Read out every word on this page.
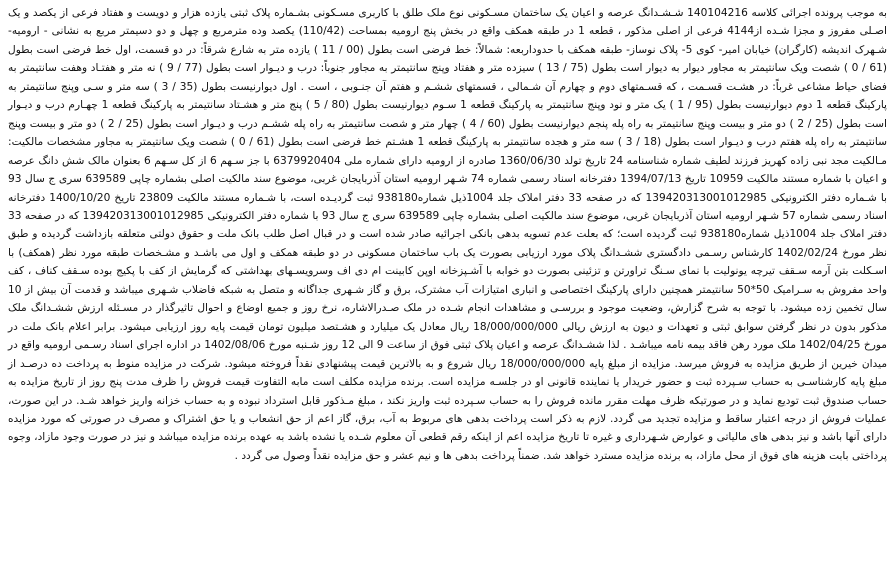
به موجب پرونده اجرائی کلاسه 140104216 شـشـدانگ عرصه و اعیان یک ساختمان مسـکونی نوع ملک طلق با کاربری مسـکونی بشـماره پلاک ثبتی یازده هزار و دویست و هفتاد فرعی از یکصد و یک اصـلی مفروز و مجزا شـده از4144 فرعی از اصلی مذکور ، قطعه 1 در طبقه همکف واقع در بخش پنج ارومیه بمساحت (110/42) یکصد وده مترمربع و چهل و دو دسیمتر مربع به نشانی - ارومیه- شـهرک اندیشه (کارگران) خیابان امیر- کوی 5- پلاک نوساز- طبقه همکف با حدوداربعه: شمالاً: خط فرضی است بطول (00 / 11 ) یازده متر به شارع شرقاً: در دو قسمت، اول خط فرضی است بطول (61 / 0 ) شصت ویک سانتیمتر به مجاور دیوار به دیوار است بطول (75 / 13 ) سیزده متر و هفتاد وپنج سانتیمتر به مجاور جنوباً: درب و دیـوار است بطول (77 / 9 ) نه متر و هفتـاد وهفت سانتیمتر به فضای حیاط مشاعی غرباً: در هشـت قسـمت ، که قسـمتهای دوم و چهارم آن شـمالی ، قسمتهای ششـم و هفتم آن جنـوبی ، است . اول دیوارنیست بطول (35 / 3 ) سه متر و سـی وپنج سانتیمتر به پارکینگ قطعه 1 دوم دیوارنیست بطول (95 / 1 ) یک متر و نود وپنج سانتیمتر به پارکینگ قطعه 1 سـوم دیوارنیست بطول (80 / 5 ) پنج متر و هشـتاد سانتیمتر به پارکینگ قطعه 1 چهـارم درب و دیـوار است بطول (25 / 2 ) دو متر و بیست وپنج سانتیمتر به راه پله پنجم دیوارنیست بطول (60 / 4 ) چهار متر و شصت سانتیمتر به راه پله ششـم درب و دیـوار است بطول (25 / 2 ) دو متر و بیست وپنج سانتیمتر به راه پله هفتم درب و دیـوار است بطول (18 / 3 ) سه متر و هجده سانتیمتر به پارکینگ قطعه 1 هشـتم خط فرضی است بطول (61 / 0 ) شصت ویک سانتیمتر به مجاور مشخصات مالکیت: مـالکیت مجد نبی زاده کهریز فرزند لطیف شماره شناسنامه 24 تاریخ تولد 1360/06/30 صادره از ارومیه دارای شماره ملی 6379920404 با جز سـهم 6 از کل سـهم 6 بعنوان مالک شش دانگ عرصه و اعیان با شماره مستند مالکیت 10959 تاریخ 1394/07/13 دفترخانه اسناد رسمی شماره 74 شـهر ارومیه استان آذربایجان غربی، موضوع سند مالکیت اصلی بشماره چاپی 639589 سری ج سال 93 با شـماره دفتر الکترونیکی 139420313001012985 که در صفحه 33 دفتر املاک جلد 1004ذیل شماره938180 ثبت گردیـده است، با شـماره مستند مالکیت 23809 تاریخ 1400/10/20 دفترخانه اسناد رسمی شماره 57 شـهر ارومیه استان آذربایجان غربی، موضوع سند مالکیت اصلی بشماره چاپی 639589 سری ج سال 93 با شماره دفتر الکترونیکی 139420313001012985 که در صفحه 33 دفتر املاک جلد 1004ذیل شماره938180 ثبت گردیده است؛ که بعلت عدم تسویه بدهی بانکی اجرائیه صادر شده است و در قبال اصل طلب بانک ملت و حقوق دولتی متعلقه بازداشت گردیده و طبق نظر مورخ 1402/02/24 کارشناس رسـمی دادگستری ششـدانگ پلاک مورد ارزیابی بصورت یک باب ساختمان مسکونی در دو طبقه همکف و اول می باشـد و مشـخصات طبقه مورد نظر (همکف) با اسـکلت بتن آرمه سـقف تیرچه یونولیت با نمای سـنگ تراورتن و تزئینی بصورت دو خوابه با آشـپزخانه اوپن کابینت ام دی اف وسرویسـهای بهداشتی که گرمایش از کف با پکیج بوده سـقف کناف ، کف واحد مفروش به سـرامیک 50*50 سانتیمتر همچنین دارای پارکینگ اختصاصی و انباری امتیازات آب مشترک، برق و گاز شـهری جداگانه و متصل به شبکه فاضلاب شـهری میباشد و قدمت آن بیش از 10 سال تخمین زده میشود. با توجه به شرح گزارش، وضعیت موجود و بررسـی و مشاهدات انجام شـده در ملک صـدرالاشاره، نرخ روز و جمیع اوضاع و احوال تاثیرگذار در مسـئله ارزش ششـدانگ ملک مذکور بدون در نظر گرفتن سوابق ثبتی و تعهدات و دیون به ارزش ریالی 18/000/000/000 ریال معادل یک میلیارد و هشـتصد میلیون تومان قیمت پایه روز ارزیابی میشود. برابر اعلام بانک ملت در مورخ 1402/04/25 ملک مورد رهن فاقد بیمه نامه میباشـد . لذا ششـدانگ عرصه و اعیان پلاک ثبتی فوق از ساعت 9 الی 12 روز شـنبه مورخ 1402/08/06 در اداره اجرای اسناد رسـمی ارومیه واقع در میدان خیرین از طریق مزایده به فروش میرسد. مزایده از مبلغ پایه 18/000/000/000 ریال شروع و به بالاترین قیمت پیشنهادی نقداً فروخته میشود. شرکت در مزایده منوط به پرداخت ده درصـد از مبلغ پایه کارشناسـی به حساب سـپرده ثبت و حضور خریدار یا نماینده قانونی او در جلسـه مزایده است. برنده مزایده مکلف است مابه التفاوت قیمت فروش را ظرف مدت پنج روز از تاریخ مزایده به حساب صندوق ثبت تودیع نماید و در صورتیکه ظرف مهلت مقرر مانده فروش را به حساب سـپرده ثبت واریز نکند ، مبلغ مـذکور قابل استرداد نبوده و به حساب خزانه واریز خواهد شـد. در این صورت، عملیات فروش از درجه اعتبار ساقط و مزایده تجدید می گردد. لازم به ذکر است پرداخت بدهی های مربوط به آب، برق، گاز اعم از حق انشعاب و یا حق اشتراک و مصرف در صورتی که مورد مزایده دارای آنها باشد و نیز بدهی های مالیاتی و عوارض شـهرداری و غیره تا تاریخ مزایده اعم از اینکه رقم قطعی آن معلوم شـده یا نشده باشد به عهده برنده مزایده میباشد و نیز در صورت وجود مازاد، وجوه پرداختی بابت هزینه های فوق از محل مازاد، به برنده مزایده مسترد خواهد شد. ضمناً پرداخت بدهی ها و نیم عشر و حق مزایده نقداً وصول می گردد .
